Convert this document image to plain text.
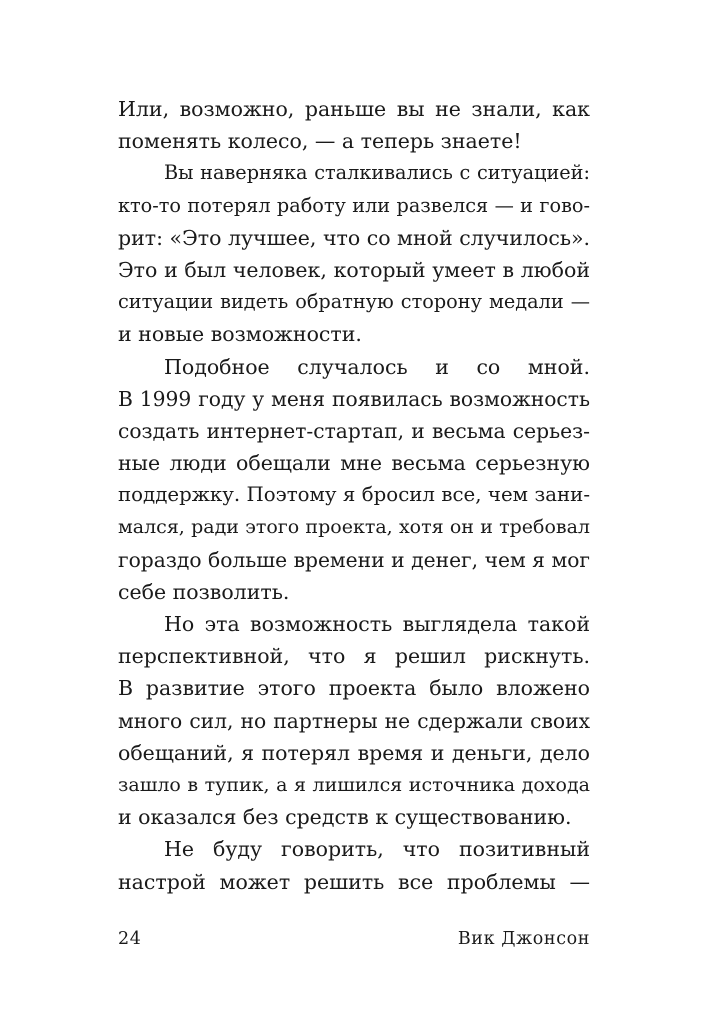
Или, возможно, раньше вы не знали, как
поменять колесо, — а теперь знаете!
Вы наверняка сталкивались с ситуацией:
кто-то потерял работу или развелся — и гово-
рит: «Это лучшее, что со мной случилось».
Это и был человек, который умеет в любой
ситуации видеть обратную сторону медали —
и новые возможности.
Подобное случалось и со мной.
В 1999 году у меня появилась возможность
создать интернет-стартап, и весьма серьез-
ные люди обещали мне весьма серьезную
поддержку. Поэтому я бросил все, чем зани-
мался, ради этого проекта, хотя он и требовал
гораздо больше времени и денег, чем я мог
себе позволить.
Но эта возможность выглядела такой
перспективной, что я решил рискнуть.
В развитие этого проекта было вложено
много сил, но партнеры не сдержали своих
обещаний, я потерял время и деньги, дело
зашло в тупик, а я лишился источника дохода
и оказался без средств к существованию.
Не буду говорить, что позитивный
настрой может решить все проблемы —
24	Вик Джонсон
